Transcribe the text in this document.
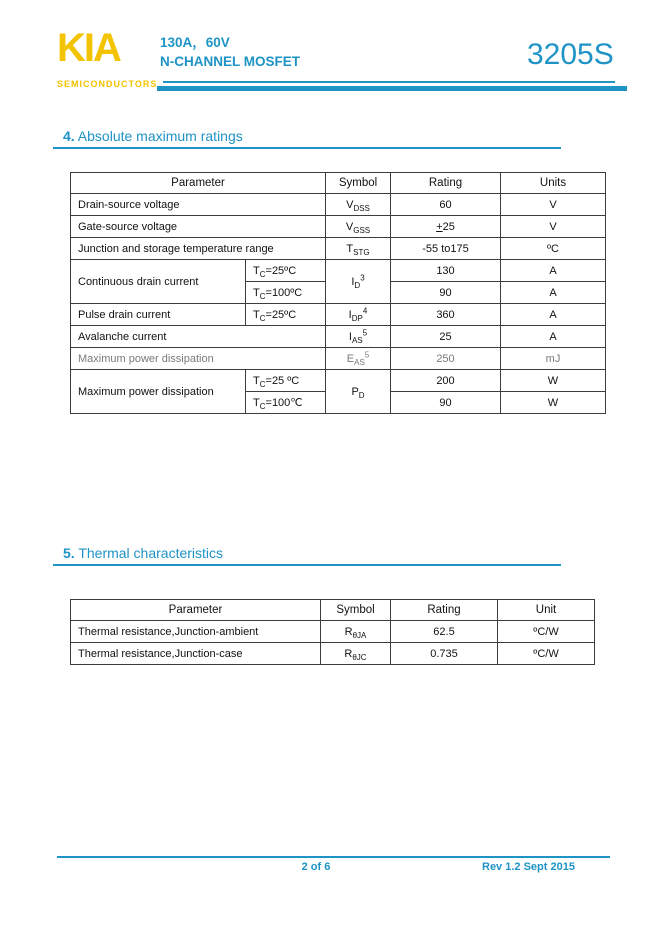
KIA
SEMICONDUCTORS
130A，60V
N-CHANNEL MOSFET	3205S
4. Absolute maximum ratings
Parameter		Symbol	Rating	Units
Drain-source voltage		$V_{DSS}$	60	V
Gate-source voltage		$V_{GSS}$	+25	V
Junction and storage temperature range		$T_{STG}$	-55 to175	ºC
Continuous drain current	$T_C=25ºC$	$I_D^3$	130	A
	$T_C=100ºC$		90	A
Pulse drain current	$T_C=25ºC$	$I_{DP}^4$	360	A
Avalanche current		$I_{AS}^5$	25	A
Maximum power dissipation		$E_{AS}^5$	250	mJ
Maximum power dissipation	$T_C=25$ ºC	$P_D$	200	W
	$T_C=100℃$		90	W
5. Thermal characteristics
Parameter	Symbol	Rating	Unit
Thermal resistance,Junction-ambient	$R_{\theta JA}$	62.5	ºC/W
Thermal resistance,Junction-case	$R_{\theta JC}$	0.735	ºC/W
2 of 6	Rev 1.2 Sept 2015
